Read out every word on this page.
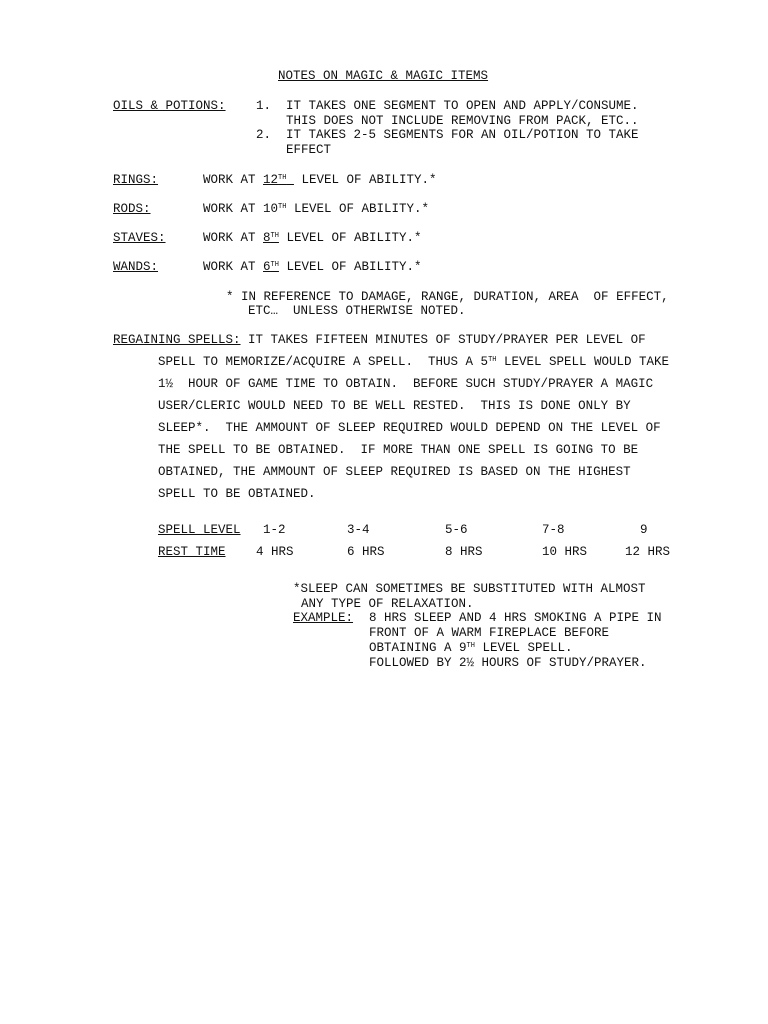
NOTES ON MAGIC & MAGIC ITEMS
OILS & POTIONS: 1. IT TAKES ONE SEGMENT TO OPEN AND APPLY/CONSUME.
THIS DOES NOT INCLUDE REMOVING FROM PACK, ETC..
2. IT TAKES 2-5 SEGMENTS FOR AN OIL/POTION TO TAKE
EFFECT
RINGS:	WORK AT 12TH  LEVEL OF ABILITY.*
RODS:	WORK AT 10TH LEVEL OF ABILITY.*
STAVES:	WORK AT 8TH LEVEL OF ABILITY.*
WANDS:	WORK AT 6TH LEVEL OF ABILITY.*
* IN REFERENCE TO DAMAGE, RANGE, DURATION, AREA  OF EFFECT,
ETC…  UNLESS OTHERWISE NOTED.
REGAINING SPELLS: IT TAKES FIFTEEN MINUTES OF STUDY/PRAYER PER LEVEL OF
SPELL TO MEMORIZE/ACQUIRE A SPELL.  THUS A 5TH LEVEL SPELL WOULD TAKE
1½  HOUR OF GAME TIME TO OBTAIN.  BEFORE SUCH STUDY/PRAYER A MAGIC
USER/CLERIC WOULD NEED TO BE WELL RESTED.  THIS IS DONE ONLY BY
SLEEP*.  THE AMMOUNT OF SLEEP REQUIRED WOULD DEPEND ON THE LEVEL OF
THE SPELL TO BE OBTAINED.  IF MORE THAN ONE SPELL IS GOING TO BE
OBTAINED, THE AMMOUNT OF SLEEP REQUIRED IS BASED ON THE HIGHEST
SPELL TO BE OBTAINED.
SPELL LEVEL 1-2	3-4	5-6	7-8	9
REST TIME 4 HRS	6 HRS	8 HRS	10 HRS	12 HRS
*SLEEP CAN SOMETIMES BE SUBSTITUTED WITH ALMOST
ANY TYPE OF RELAXATION.
EXAMPLE: 8 HRS SLEEP AND 4 HRS SMOKING A PIPE IN
FRONT OF A WARM FIREPLACE BEFORE
OBTAINING A 9TH LEVEL SPELL.
FOLLOWED BY 2½ HOURS OF STUDY/PRAYER.
